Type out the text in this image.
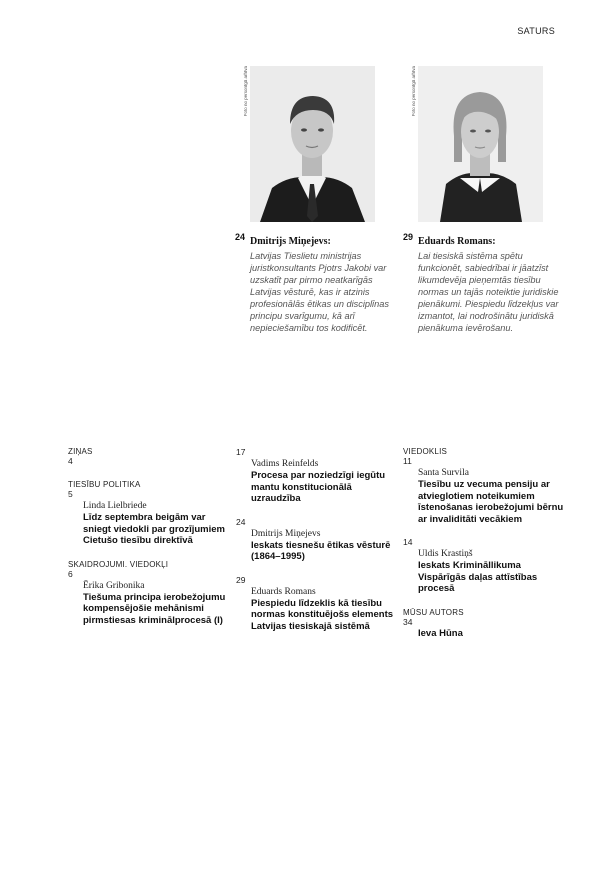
SATURS
Foto no personīgā arhīva
24 Dmitrijs Miņejevs:
Latvijas Tieslietu ministrijas juristkonsultants Pjotrs Jakobi var uzskatīt par pirmo neatkarīgās Latvijas vēsturē, kas ir atzinis profesionālās ētikas un disciplīnas principu svarīgumu, kā arī nepieciešamību tos kodificēt.
Foto no personīgā arhīva
29 Eduards Romans:
Lai tiesiskā sistēma spētu funkcionēt, sabiedrībai ir jāatzīst likumdevēja pieņemtās tiesību normas un tajās noteiktie juridiskie pienākumi. Piespiedu līdzekļus var izmantot, lai nodrošinātu juridiskā pienākuma ievērošanu.
ZIŅAS
4
TIESĪBU POLITIKA
5
Linda Lielbriede
Līdz septembra beigām var sniegt viedokli par grozījumiem Cietušo tiesību direktīvā
SKAIDROJUMI. VIEDOKĻI
6
Ērika Gribonika
Tiešuma principa ierobežojumu kompensējošie mehānismi pirmstiesas kriminālprocesā (I)
17
Vadims Reinfelds
Procesa par noziedzīgi iegūtu mantu konstitucionālā uzraudzība
24
Dmitrijs Miņejevs
Ieskats tiesnešu ētikas vēsturē (1864–1995)
29
Eduards Romans
Piespiedu līdzeklis kā tiesību normas konstituējošs elements Latvijas tiesiskajā sistēmā
VIEDOKLIS
11
Santa Survila
Tiesību uz vecuma pensiju ar atvieglotiem noteikumiem īstenošanas ierobežojumi bērnu ar invaliditāti vecākiem
14
Uldis Krastiņš
Ieskats Krimināllikuma Vispārīgās daļas attīstības procesā
MŪSU AUTORS
34
Ieva Hūna
